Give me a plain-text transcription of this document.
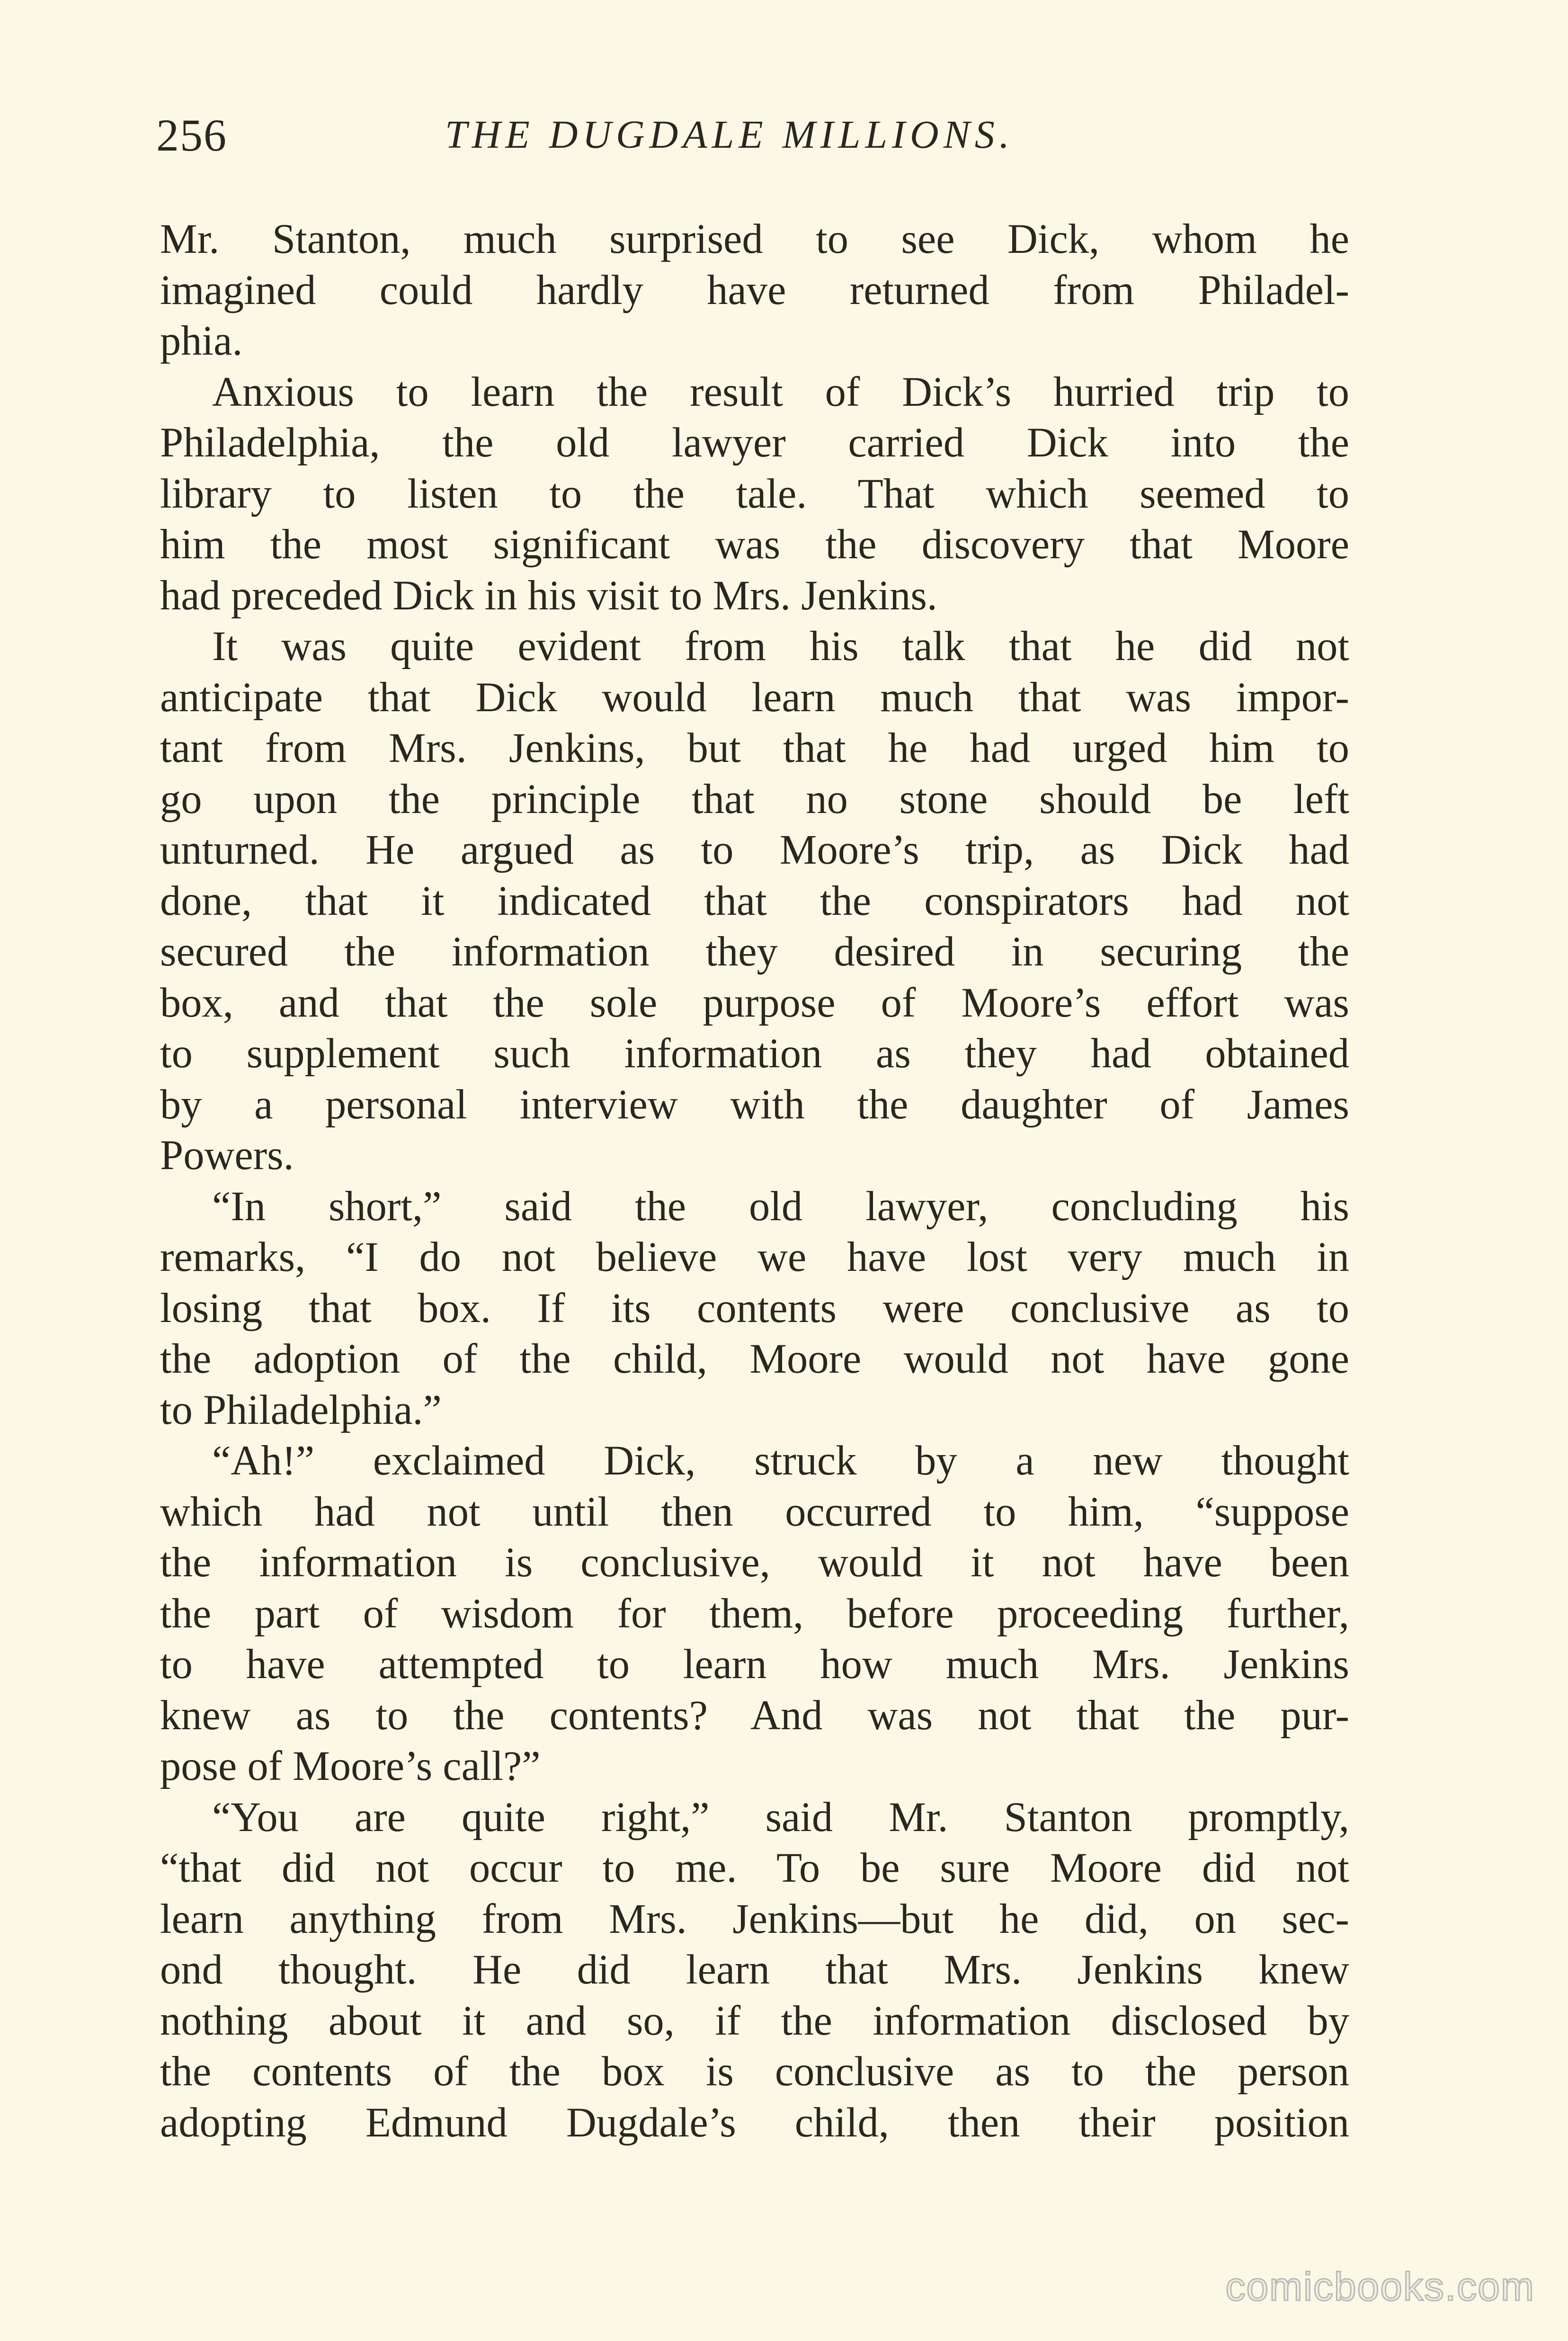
256	THE DUGDALE MILLIONS.
Mr. Stanton, much surprised to see Dick, whom he
imagined could hardly have returned from Philadel-
phia.
Anxious to learn the result of Dick’s hurried trip to
Philadelphia, the old lawyer carried Dick into the
library to listen to the tale. That which seemed to
him the most significant was the discovery that Moore
had preceded Dick in his visit to Mrs. Jenkins.
It was quite evident from his talk that he did not
anticipate that Dick would learn much that was impor-
tant from Mrs. Jenkins, but that he had urged him to
go upon the principle that no stone should be left
unturned. He argued as to Moore’s trip, as Dick had
done, that it indicated that the conspirators had not
secured the information they desired in securing the
box, and that the sole purpose of Moore’s effort was
to supplement such information as they had obtained
by a personal interview with the daughter of James
Powers.
“In short,” said the old lawyer, concluding his
remarks, “I do not believe we have lost very much in
losing that box. If its contents were conclusive as to
the adoption of the child, Moore would not have gone
to Philadelphia.”
“Ah!” exclaimed Dick, struck by a new thought
which had not until then occurred to him, “suppose
the information is conclusive, would it not have been
the part of wisdom for them, before proceeding further,
to have attempted to learn how much Mrs. Jenkins
knew as to the contents? And was not that the pur-
pose of Moore’s call?”
“You are quite right,” said Mr. Stanton promptly,
“that did not occur to me. To be sure Moore did not
learn anything from Mrs. Jenkins—but he did, on sec-
ond thought. He did learn that Mrs. Jenkins knew
nothing about it and so, if the information disclosed by
the contents of the box is conclusive as to the person
adopting Edmund Dugdale’s child, then their position
comicbooks.com
